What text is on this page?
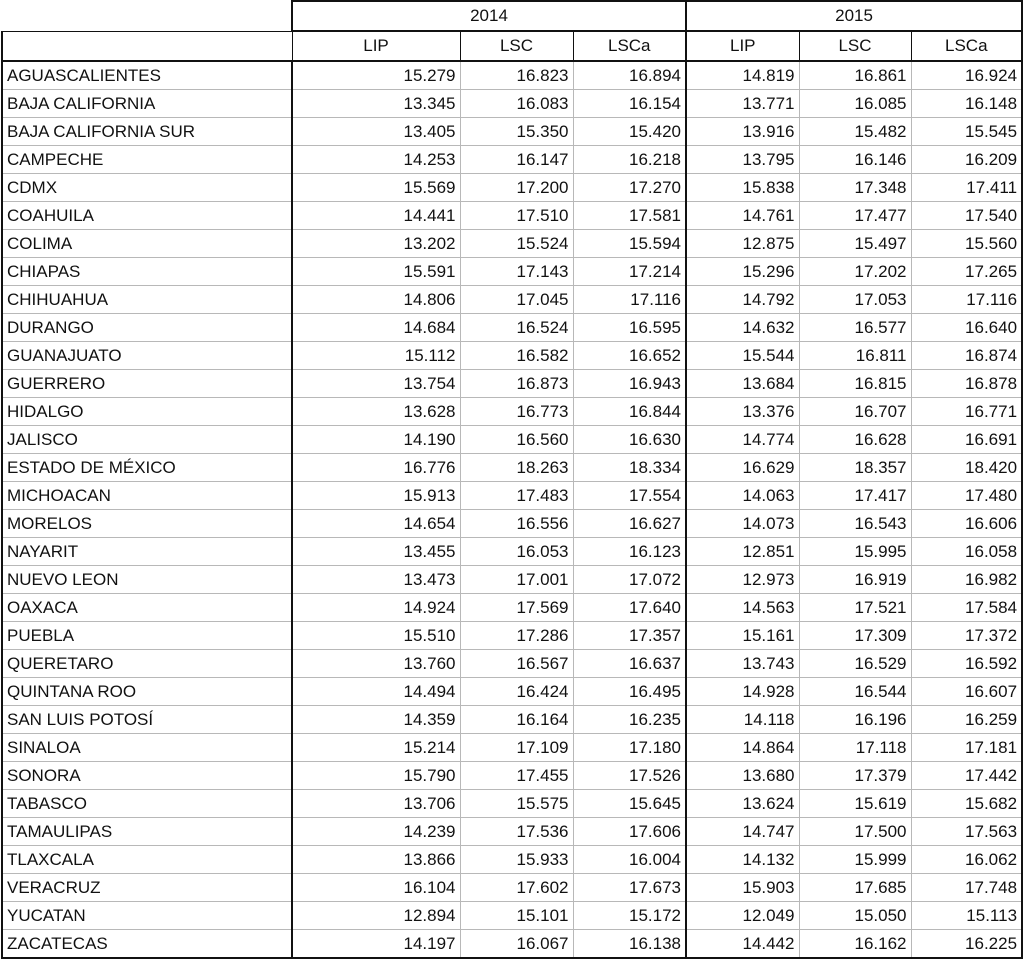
	2014			2015		
	LIP	LSC	LSCa	LIP	LSC	LSCa
AGUASCALIENTES	15.279	16.823	16.894	14.819	16.861	16.924
BAJA CALIFORNIA	13.345	16.083	16.154	13.771	16.085	16.148
BAJA CALIFORNIA SUR	13.405	15.350	15.420	13.916	15.482	15.545
CAMPECHE	14.253	16.147	16.218	13.795	16.146	16.209
CDMX	15.569	17.200	17.270	15.838	17.348	17.411
COAHUILA	14.441	17.510	17.581	14.761	17.477	17.540
COLIMA	13.202	15.524	15.594	12.875	15.497	15.560
CHIAPAS	15.591	17.143	17.214	15.296	17.202	17.265
CHIHUAHUA	14.806	17.045	17.116	14.792	17.053	17.116
DURANGO	14.684	16.524	16.595	14.632	16.577	16.640
GUANAJUATO	15.112	16.582	16.652	15.544	16.811	16.874
GUERRERO	13.754	16.873	16.943	13.684	16.815	16.878
HIDALGO	13.628	16.773	16.844	13.376	16.707	16.771
JALISCO	14.190	16.560	16.630	14.774	16.628	16.691
ESTADO DE MÉXICO	16.776	18.263	18.334	16.629	18.357	18.420
MICHOACAN	15.913	17.483	17.554	14.063	17.417	17.480
MORELOS	14.654	16.556	16.627	14.073	16.543	16.606
NAYARIT	13.455	16.053	16.123	12.851	15.995	16.058
NUEVO LEON	13.473	17.001	17.072	12.973	16.919	16.982
OAXACA	14.924	17.569	17.640	14.563	17.521	17.584
PUEBLA	15.510	17.286	17.357	15.161	17.309	17.372
QUERETARO	13.760	16.567	16.637	13.743	16.529	16.592
QUINTANA ROO	14.494	16.424	16.495	14.928	16.544	16.607
SAN LUIS POTOSÍ	14.359	16.164	16.235	14.118	16.196	16.259
SINALOA	15.214	17.109	17.180	14.864	17.118	17.181
SONORA	15.790	17.455	17.526	13.680	17.379	17.442
TABASCO	13.706	15.575	15.645	13.624	15.619	15.682
TAMAULIPAS	14.239	17.536	17.606	14.747	17.500	17.563
TLAXCALA	13.866	15.933	16.004	14.132	15.999	16.062
VERACRUZ	16.104	17.602	17.673	15.903	17.685	17.748
YUCATAN	12.894	15.101	15.172	12.049	15.050	15.113
ZACATECAS	14.197	16.067	16.138	14.442	16.162	16.225
